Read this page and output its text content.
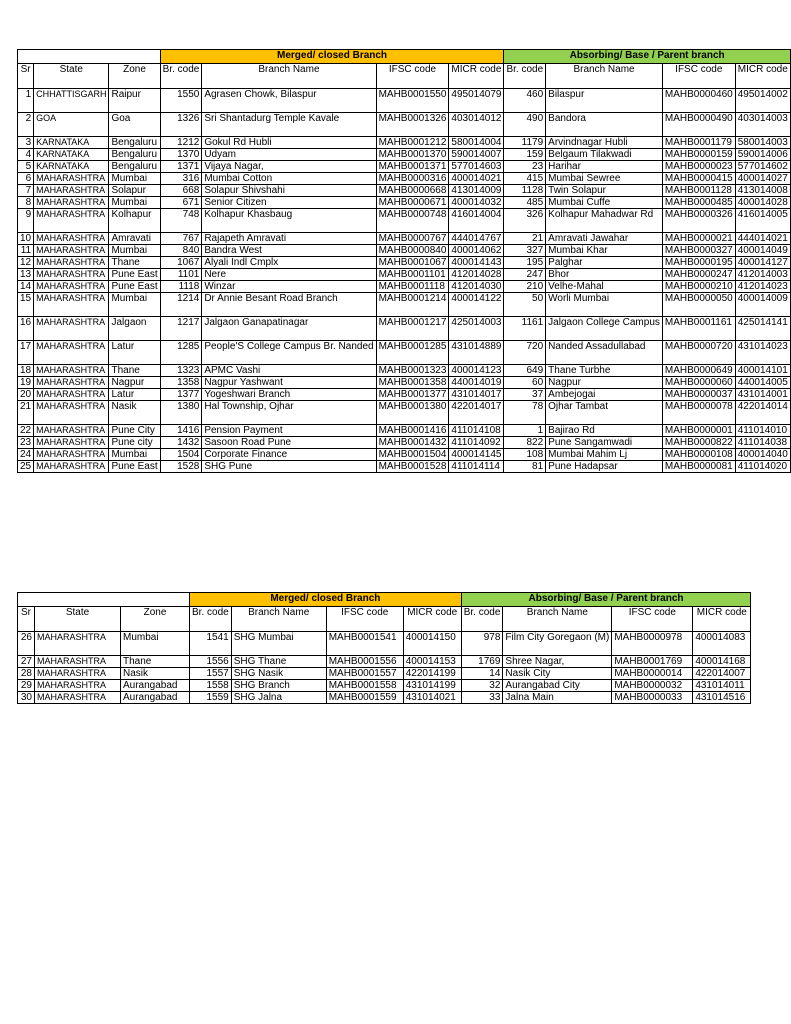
			Merged/ closed Branch				Absorbing/ Base / Parent branch			
Sr	State	Zone	Br. code	Branch Name	IFSC code	MICR code	Br. code	Branch Name	IFSC code	MICR code
1	CHHATTISGARH	Raipur	1550	Agrasen Chowk, Bilaspur	MAHB0001550	495014079	460	Bilaspur	MAHB0000460	495014002
2	GOA	Goa	1326	Sri Shantadurg Temple Kavale	MAHB0001326	403014012	490	Bandora	MAHB0000490	403014003
3	KARNATAKA	Bengaluru	1212	Gokul Rd Hubli	MAHB0001212	580014004	1179	Arvindnagar Hubli	MAHB0001179	580014003
4	KARNATAKA	Bengaluru	1370	Udyam	MAHB0001370	590014007	159	Belgaum Tilakwadi	MAHB0000159	590014006
5	KARNATAKA	Bengaluru	1371	Vijaya Nagar,	MAHB0001371	577014603	23	Harihar	MAHB0000023	577014602
6	MAHARASHTRA	Mumbai	316	Mumbai Cotton	MAHB0000316	400014021	415	Mumbai Sewree	MAHB0000415	400014027
7	MAHARASHTRA	Solapur	668	Solapur Shivshahi	MAHB0000668	413014009	1128	Twin Solapur	MAHB0001128	413014008
8	MAHARASHTRA	Mumbai	671	Senior Citizen	MAHB0000671	400014032	485	Mumbai Cuffe	MAHB0000485	400014028
9	MAHARASHTRA	Kolhapur	748	Kolhapur Khasbaug	MAHB0000748	416014004	326	Kolhapur Mahadwar Rd	MAHB0000326	416014005
10	MAHARASHTRA	Amravati	767	Rajapeth Amravati	MAHB0000767	444014767	21	Amravati Jawahar	MAHB0000021	444014021
11	MAHARASHTRA	Mumbai	840	Bandra West	MAHB0000840	400014062	327	Mumbai Khar	MAHB0000327	400014049
12	MAHARASHTRA	Thane	1067	Alyali Indl Cmplx	MAHB0001067	400014143	195	Palghar	MAHB0000195	400014127
13	MAHARASHTRA	Pune East	1101	Nere	MAHB0001101	412014028	247	Bhor	MAHB0000247	412014003
14	MAHARASHTRA	Pune East	1118	Winzar	MAHB0001118	412014030	210	Velhe-Mahal	MAHB0000210	412014023
15	MAHARASHTRA	Mumbai	1214	Dr Annie Besant Road Branch	MAHB0001214	400014122	50	Worli Mumbai	MAHB0000050	400014009
16	MAHARASHTRA	Jalgaon	1217	Jalgaon Ganapatinagar	MAHB0001217	425014003	1161	Jalgaon College Campus	MAHB0001161	425014141
17	MAHARASHTRA	Latur	1285	People'S College Campus Br. Nanded	MAHB0001285	431014889	720	Nanded Assadullabad	MAHB0000720	431014023
18	MAHARASHTRA	Thane	1323	APMC Vashi	MAHB0001323	400014123	649	Thane Turbhe	MAHB0000649	400014101
19	MAHARASHTRA	Nagpur	1358	Nagpur Yashwant	MAHB0001358	440014019	60	Nagpur	MAHB0000060	440014005
20	MAHARASHTRA	Latur	1377	Yogeshwari Branch	MAHB0001377	431014017	37	Ambejogai	MAHB0000037	431014001
21	MAHARASHTRA	Nasik	1380	Hal Township, Ojhar	MAHB0001380	422014017	78	Ojhar Tambat	MAHB0000078	422014014
22	MAHARASHTRA	Pune City	1416	Pension Payment	MAHB0001416	411014108	1	Bajirao Rd	MAHB0000001	411014010
23	MAHARASHTRA	Pune city	1432	Sasoon Road Pune	MAHB0001432	411014092	822	Pune Sangamwadi	MAHB0000822	411014038
24	MAHARASHTRA	Mumbai	1504	Corporate Finance	MAHB0001504	400014145	108	Mumbai Mahim Lj	MAHB0000108	400014040
25	MAHARASHTRA	Pune East	1528	SHG Pune	MAHB0001528	411014114	81	Pune Hadapsar	MAHB0000081	411014020
			Merged/ closed Branch				Absorbing/ Base / Parent branch			
Sr	State	Zone	Br. code	Branch Name	IFSC code	MICR code	Br. code	Branch Name	IFSC code	MICR code
26	MAHARASHTRA	Mumbai	1541	SHG Mumbai	MAHB0001541	400014150	978	Film City Goregaon (M)	MAHB0000978	400014083
27	MAHARASHTRA	Thane	1556	SHG Thane	MAHB0001556	400014153	1769	Shree Nagar,	MAHB0001769	400014168
28	MAHARASHTRA	Nasik	1557	SHG Nasik	MAHB0001557	422014199	14	Nasik City	MAHB0000014	422014007
29	MAHARASHTRA	Aurangabad	1558	SHG Branch	MAHB0001558	431014199	32	Aurangabad City	MAHB0000032	431014011
30	MAHARASHTRA	Aurangabad	1559	SHG Jalna	MAHB0001559	431014021	33	Jalna Main	MAHB0000033	431014516
